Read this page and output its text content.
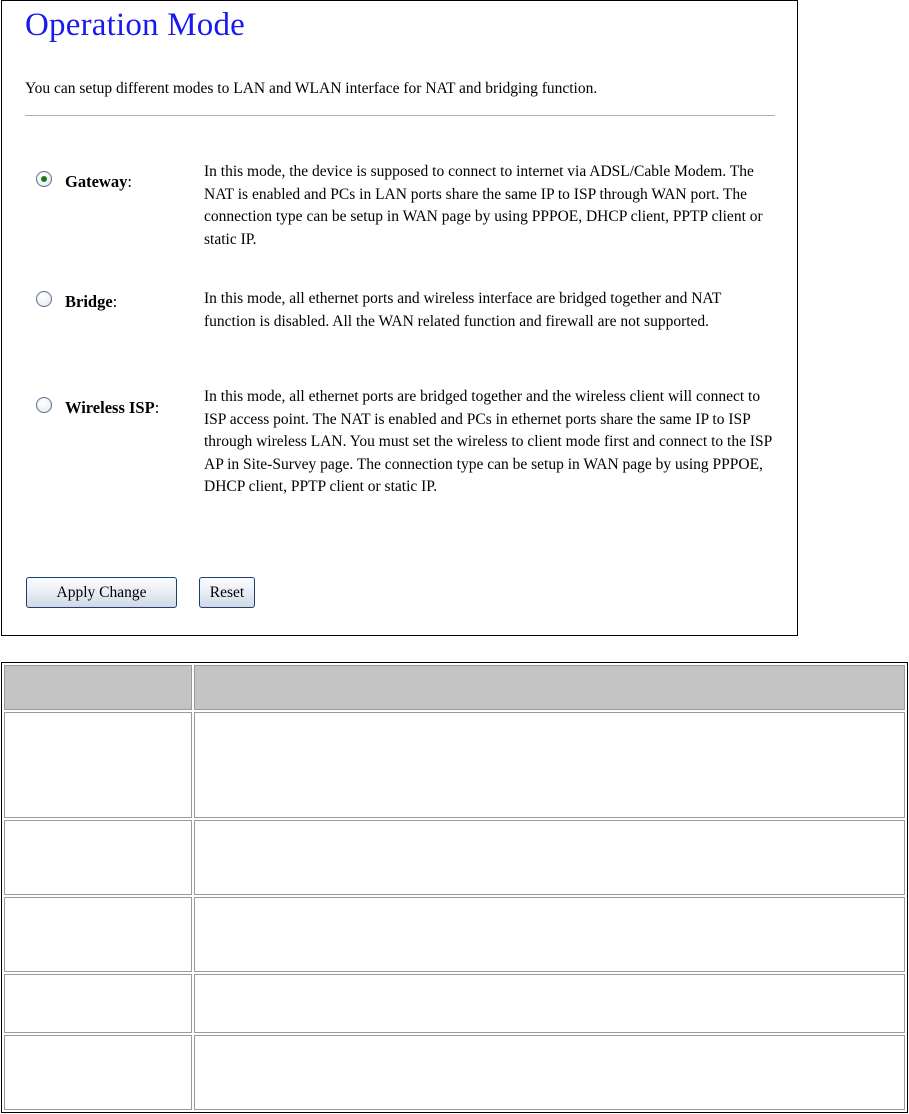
Operation Mode
You can setup different modes to LAN and WLAN interface for NAT and bridging function.
Gateway:
In this mode, the device is supposed to connect to internet via ADSL/Cable Modem. The NAT is enabled and PCs in LAN ports share the same IP to ISP through WAN port. The connection type can be setup in WAN page by using PPPOE, DHCP client, PPTP client or static IP.
Bridge:	In this mode, all ethernet ports and wireless interface are bridged together and NAT function is disabled. All the WAN related function and firewall are not supported.
Wireless ISP:
In this mode, all ethernet ports are bridged together and the wireless client will connect to ISP access point. The NAT is enabled and PCs in ethernet ports share the same IP to ISP through wireless LAN. You must set the wireless to client mode first and connect to the ISP AP in Site-Survey page. The connection type can be setup in WAN page by using PPPOE, DHCP client, PPTP client or static IP.
Apply Change	Reset
